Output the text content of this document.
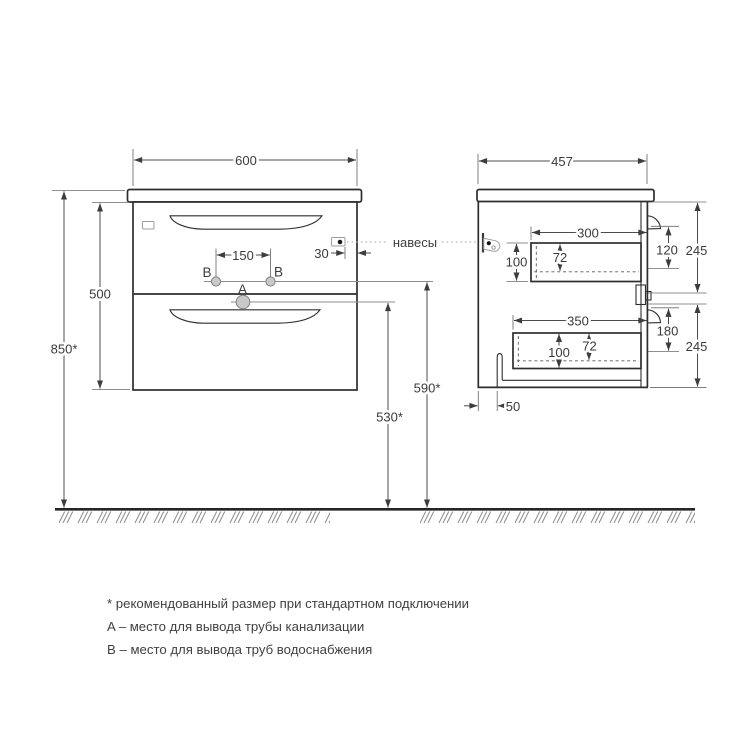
B	B
A
600
500
850*
150	30
590*
530*
навесы
457
300
100 72	120 245
350
100 72
180
245
50
* рекомендованный размер при стандартном подключении
A – место для вывода трубы канализации
B – место для вывода труб водоснабжения
